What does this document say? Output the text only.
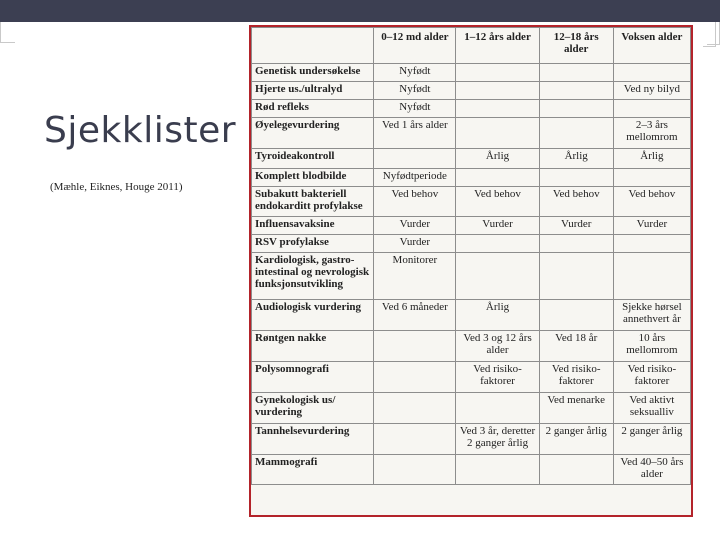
Sjekklister
(Mæhle, Eiknes, Houge 2011)
	0–12 md alder	1–12 års alder	12–18 års alder	Voksen alder
Genetisk undersøkelse	Nyfødt			
Hjerte us./ultralyd	Nyfødt			Ved ny bilyd
Rød refleks	Nyfødt			
Øyelegevurdering	Ved 1 års alder			2–3 års mellomrom
Tyroideakontroll		Årlig	Årlig	Årlig
Komplett blodbilde	Nyfødtperiode			
Subakutt bakteriell endokarditt profylakse	Ved behov	Ved behov	Ved behov	Ved behov
Influensavaksine	Vurder	Vurder	Vurder	Vurder
RSV profylakse	Vurder			
Kardiologisk, gastro-intestinal og nevrologisk funksjonsutvikling	Monitorer			
Audiologisk vurdering	Ved 6 måneder	Årlig		Sjekke hørsel annethvert år
Røntgen nakke		Ved 3 og 12 års alder	Ved 18 år	10 års mellomrom
Polysomnografi		Ved risiko-faktorer	Ved risiko-faktorer	Ved risiko-faktorer
Gynekologisk us/ vurdering			Ved menarke	Ved aktivt seksualliv
Tannhelsevurdering		Ved 3 år, deretter 2 ganger årlig	2 ganger årlig	2 ganger årlig
Mammografi				Ved 40–50 års alder
